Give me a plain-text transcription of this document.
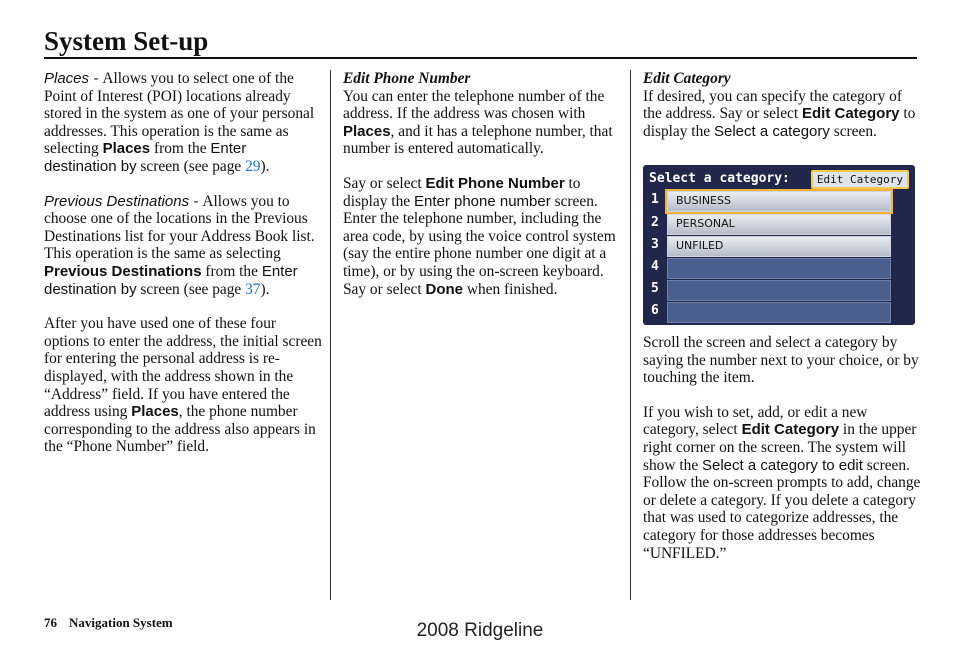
System Set-up

Places - Allows you to select one of the Point of Interest (POI) locations already stored in the system as one of your personal addresses. This operation is the same as selecting Places from the Enter destination by screen (see page 29).

Previous Destinations - Allows you to choose one of the locations in the Previous Destinations list for your Address Book list. This operation is the same as selecting Previous Destinations from the Enter destination by screen (see page 37).

After you have used one of these four options to enter the address, the initial screen for entering the personal address is re-displayed, with the address shown in the “Address” field. If you have entered the address using Places, the phone number corresponding to the address also appears in the “Phone Number” field.

Edit Phone Number

You can enter the telephone number of the address. If the address was chosen with Places, and it has a telephone number, that number is entered automatically.

Say or select Edit Phone Number to display the Enter phone number screen. Enter the telephone number, including the area code, by using the voice control system (say the entire phone number one digit at a time), or by using the on-screen keyboard. Say or select Done when finished.

Edit Category

If desired, you can specify the category of the address. Say or select Edit Category to display the Select a category screen.

Scroll the screen and select a category by saying the number next to your choice, or by touching the item.

If you wish to set, add, or edit a new category, select Edit Category in the upper right corner on the screen. The system will show the Select a category to edit screen. Follow the on-screen prompts to add, change or delete a category. If you delete a category that was used to categorize addresses, the category for those addresses becomes “UNFILED.”

Select a category:	Edit Category
1 BUSINESS
2 PERSONAL
3 UNFILED
4
5
6
76 Navigation System	2008 Ridgeline
